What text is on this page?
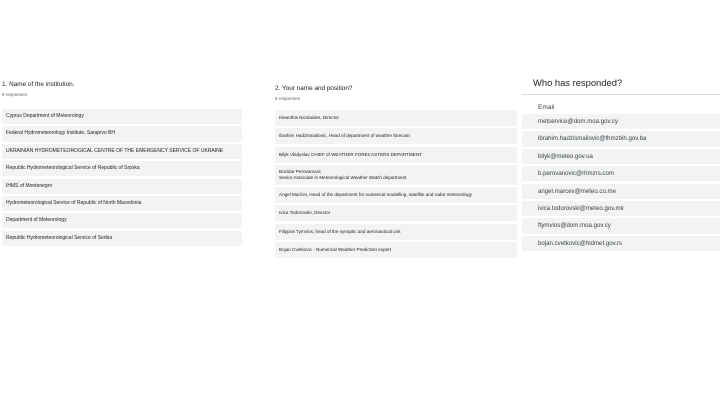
1. Name of the institution.
8 responses
Cyprus Department of Meteorology
Federal Hydrometeorology Institute, Sarajevo BH
UKRAINIAN HYDROMETEOROGICAL CENTRE OF THE EMERGENCY SERVICE OF UKRAINE
Republic Hydrometeorological Service of Republic of Srpska
IHMS of Montenegro
Hydrometeorological Service of Republic of North Macedonia
Department of Meteorology
Republic Hydrometeorological Service of Serbia
2. Your name and position?
8 responses
Kleanthis Nicolaides, Director
Ibrahim Hadzismailovic, Head of department of weather forecast
Bilyk Vladyslav CHIEF of WEATHER FORECASTERS DEPARTMENT
Bozidar Perovanovic
Senior Associate in Meteorological Weather Watch department
Angel Marčev, Head of the department for numerical modelling, satellite and radar meteorology
Ivica Todorovski, Director
Filippos Tymvios, head of the synoptic and aeronautical unit
Bojan Cvetkovic - Numerical Weather Prediction expert
Who has responded?
Email
metservice@dom.moa.gov.cy
ibrahim.hadzismailovic@fhmzbih.gov.ba
bilyk@meteo.gov.ua
b.perovanovic@rhmzrs.com
angel.marcev@meteo.co.me
ivica.todorovski@meteo.gov.mk
ftymvios@dom.moa.gov.cy
bojan.cvetkovic@hidmet.gov.rs
